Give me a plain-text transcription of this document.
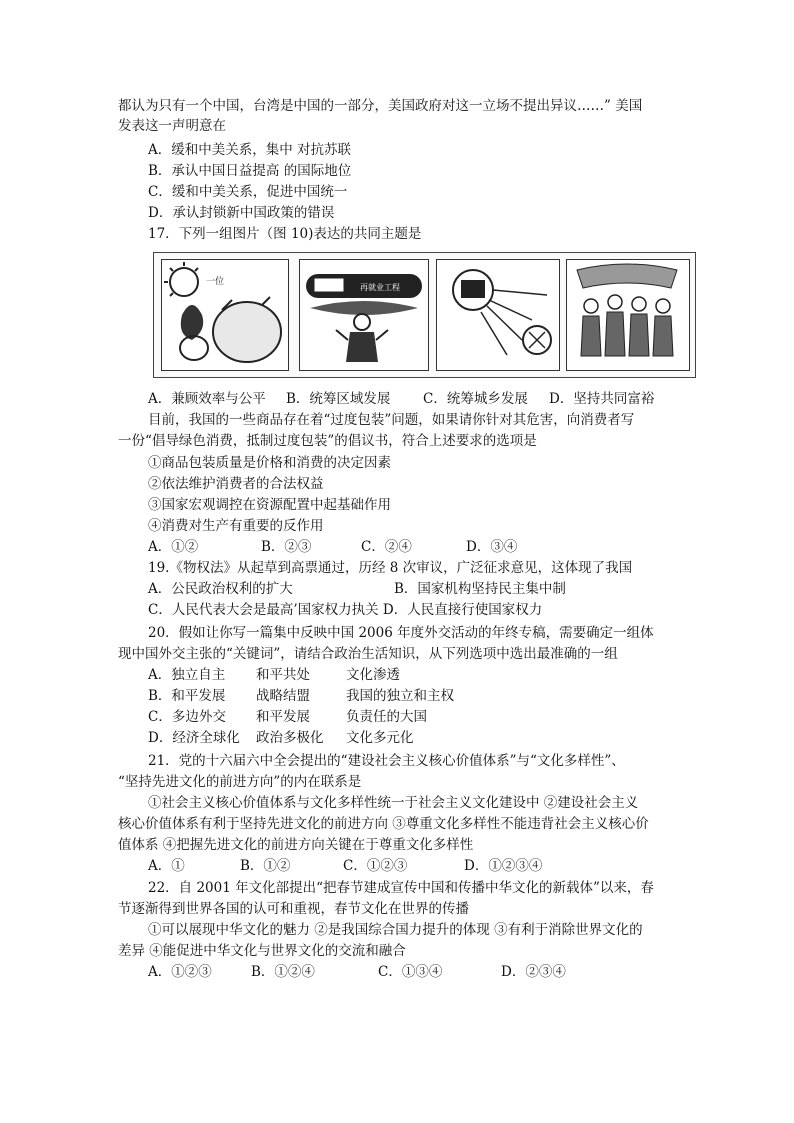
都认为只有一个中国，台湾是中国的一部分，美国政府对这一立场不提出异议……” 美国
发表这一声明意在
A．缓和中美关系，集中 对抗苏联
B．承认中国日益提高 的国际地位
C．缓和中美关系，促进中国统一
D．承认封锁新中国政策的错误
17．下列一组图片（图 10)表达的共同主题是
一位
再就业工程
A．兼顾效率与公平 B．统筹区域发展 C．统筹城乡发展 D．坚持共同富裕
目前，我国的一些商品存在着“过度包装”问题，如果请你针对其危害，向消费者写
一份“倡导绿色消费，抵制过度包装”的倡议书，符合上述要求的选项是
①商品包装质量是价格和消费的决定因素
②依法维护消费者的合法权益
③国家宏观调控在资源配置中起基础作用
④消费对生产有重要的反作用
A．①②	B．②③	C．②④	D．③④
19.《物权法》从起草到高票通过，历经 8 次审议，广泛征求意见，这体现了我国
A．公民政治权利的扩大	B．国家机构坚持民主集中制
C．人民代表大会是最高’国家权力执关 D．人民直接行使国家权力
20．假如让你写一篇集中反映中国 2006 年度外交活动的年终专稿，需要确定一组体
现中国外交主张的“关键词”，请结合政治生活知识，从下列选项中选出最准确的一组
A．独立自主 和平共处	文化渗透
B．和平发展 战略结盟	我国的独立和主权
C．多边外交 和平发展	负责任的大国
D．经济全球化 政治多极化 文化多元化
21．党的十六届六中全会提出的“建设社会主义核心价值体系”与“文化多样性”、
“坚持先进文化的前进方向”的内在联系是
①社会主义核心价值体系与文化多样性统一于社会主义文化建设中 ②建设社会主义
核心价值体系有利于坚持先进文化的前进方向 ③尊重文化多样性不能违背社会主义核心价
值体系 ④把握先进文化的前进方向关键在于尊重文化多样性
A．①	B．①②	C．①②③	D．①②③④
22．自 2001 年文化部提出“把春节建成宣传中国和传播中华文化的新载体”以来，春
节逐渐得到世界各国的认可和重视，春节文化在世界的传播
①可以展现中华文化的魅力 ②是我国综合国力提升的体现 ③有利于消除世界文化的
差异 ④能促进中华文化与世界文化的交流和融合
A．①②③	B．①②④	C．①③④	D．②③④
